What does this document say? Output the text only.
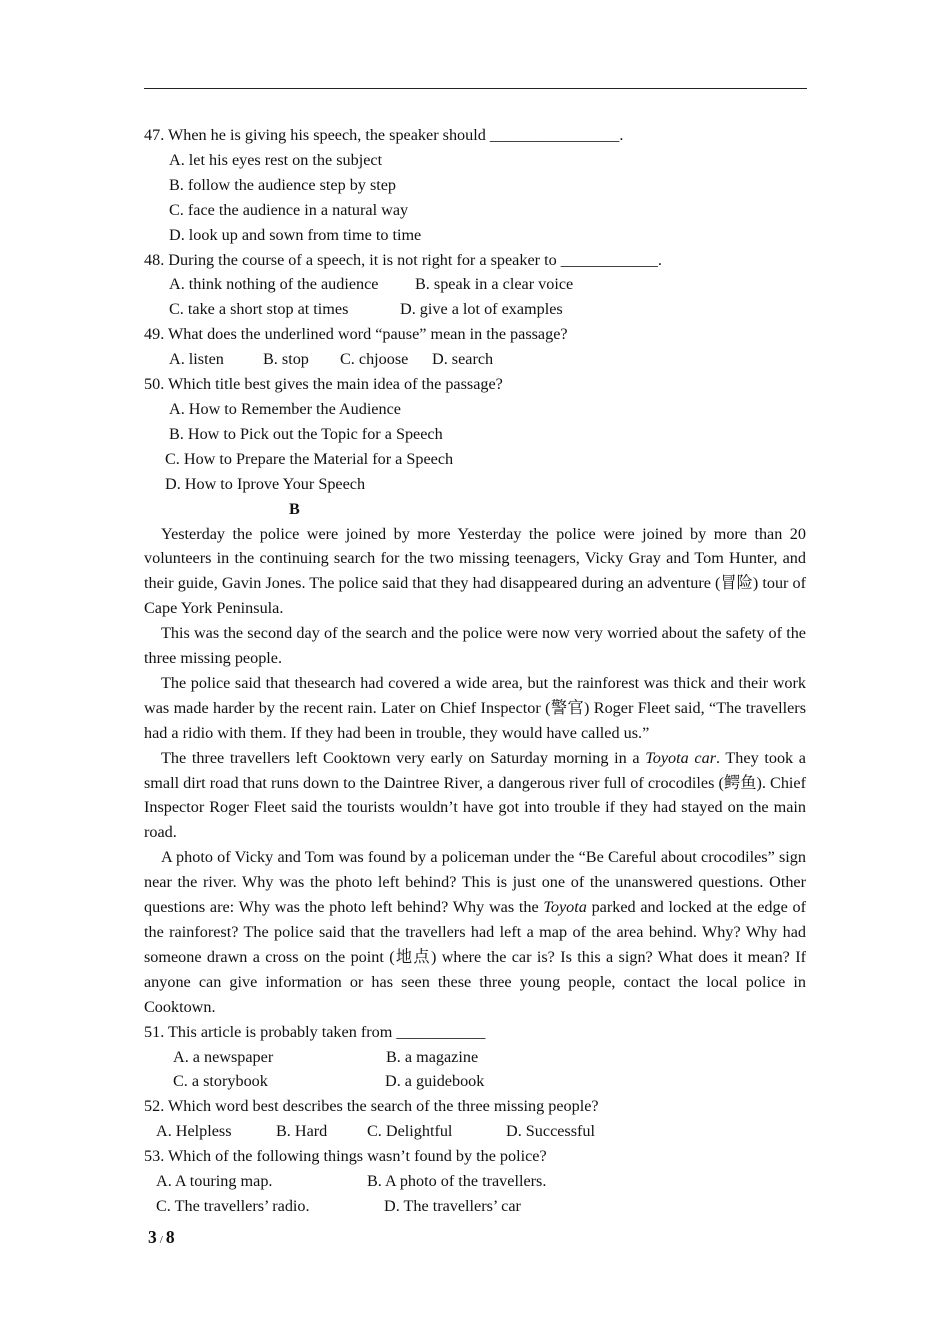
47. When he is giving his speech, the speaker should ________________.
A. let his eyes rest on the subject
B. follow the audience step by step
C. face the audience in a natural way
D. look up and sown from time to time
48. During the course of a speech, it is not right for a speaker to ____________.
A. think nothing of the audience	B. speak in a clear voice
C. take a short stop at times	D. give a lot of examples
49. What does the underlined word “pause” mean in the passage?
A. listen	B. stop	C. chjoose	D. search
50. Which title best gives the main idea of the passage?
A. How to Remember the Audience
B. How to Pick out the Topic for a Speech
C. How to Prepare the Material for a Speech
D. How to Iprove Your Speech
B
Yesterday the police were joined by more Yesterday the police were joined by more than 20 volunteers in the continuing search for the two missing teenagers, Vicky Gray and Tom Hunter, and their guide, Gavin Jones. The police said that they had disappeared during an adventure (冒险) tour of Cape York Peninsula.
This was the second day of the search and the police were now very worried about the safety of the three missing people.
The police said that thesearch had covered a wide area, but the rainforest was thick and their work was made harder by the recent rain. Later on Chief Inspector (警官) Roger Fleet said, “The travellers had a ridio with them. If they had been in trouble, they would have called us.”
The three travellers left Cooktown very early on Saturday morning in a Toyota car. They took a small dirt road that runs down to the Daintree River, a dangerous river full of crocodiles (鳄鱼). Chief Inspector Roger Fleet said the tourists wouldn’t have got into trouble if they had stayed on the main road.
A photo of Vicky and Tom was found by a policeman under the “Be Careful about crocodiles” sign near the river. Why was the photo left behind? This is just one of the unanswered questions. Other questions are: Why was the photo left behind? Why was the Toyota parked and locked at the edge of the rainforest? The police said that the travellers had left a map of the area behind. Why? Why had someone drawn a cross on the point (地点) where the car is? Is this a sign? What does it mean? If anyone can give information or has seen these three young people, contact the local police in Cooktown.
51. This article is probably taken from ___________
A. a newspaper	B. a magazine
C. a storybook	D. a guidebook
52. Which word best describes the search of the three missing people?
A. Helpless	B. Hard	C. Delightful	D. Successful
53. Which of the following things wasn’t found by the police?
A. A touring map.	B. A photo of the travellers.
C. The travellers’ radio.	D. The travellers’ car
3 / 8
